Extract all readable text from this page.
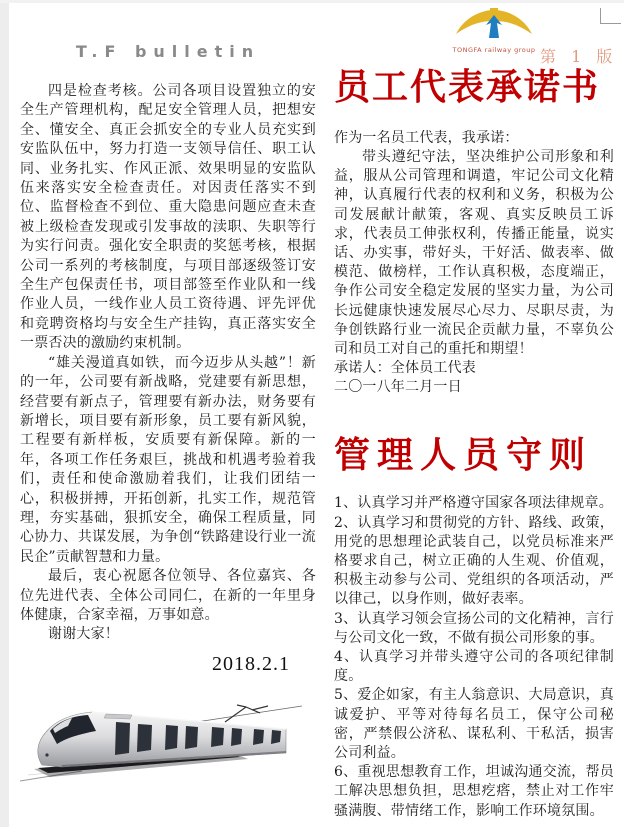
T.F bulletin	TONGFA railway group 第 1 版

四是检查考核。公司各项目设置独立的安全生产管理机构，配足安全管理人员，把想安全、懂安全、真正会抓安全的专业人员充实到安监队伍中，努力打造一支领导信任、职工认同、业务扎实、作风正派、效果明显的安监队伍来落实安全检查责任。对因责任落实不到位、监督检查不到位、重大隐患问题应查未查被上级检查发现或引发事故的渎职、失职等行为实行问责。强化安全职责的奖惩考核，根据公司一系列的考核制度，与项目部逐级签订安全生产包保责任书，项目部签至作业队和一线作业人员，一线作业人员工资待遇、评先评优和竞聘资格均与安全生产挂钩，真正落实安全一票否决的激励约束机制。

“雄关漫道真如铁，而今迈步从头越”！新的一年，公司要有新战略，党建要有新思想，经营要有新点子，管理要有新办法，财务要有新增长，项目要有新形象，员工要有新风貌，工程要有新样板，安质要有新保障。新的一年，各项工作任务艰巨，挑战和机遇考验着我们，责任和使命激励着我们，让我们团结一心，积极拼搏，开拓创新，扎实工作，规范管理，夯实基础，狠抓安全，确保工程质量，同心协力、共谋发展，为争创“铁路建设行业一流民企”贡献智慧和力量。

最后，衷心祝愿各位领导、各位嘉宾、各位先进代表、全体公司同仁，在新的一年里身体健康，合家幸福，万事如意。

谢谢大家！

2018.2.1
员工代表承诺书

作为一名员工代表，我承诺：

带头遵纪守法，坚决维护公司形象和利益，服从公司管理和调遣，牢记公司文化精神，认真履行代表的权利和义务，积极为公司发展献计献策，客观、真实反映员工诉求，代表员工伸张权利，传播正能量，说实话、办实事，带好头，干好活、做表率、做模范、做榜样，工作认真积极，态度端正，争作公司安全稳定发展的坚实力量，为公司长远健康快速发展尽心尽力、尽职尽责，为争创铁路行业一流民企贡献力量，不辜负公司和员工对自己的重托和期望！

承诺人：全体员工代表

二〇一八年二月一日

管理人员守则

1、认真学习并严格遵守国家各项法律规章。

2、认真学习和贯彻党的方针、路线、政策，用党的思想理论武装自己，以党员标准来严格要求自己，树立正确的人生观、价值观，积极主动参与公司、党组织的各项活动，严以律己，以身作则，做好表率。

3、认真学习领会宣扬公司的文化精神，言行与公司文化一致，不做有损公司形象的事。

4、认真学习并带头遵守公司的各项纪律制度。

5、爱企如家，有主人翁意识、大局意识，真诚爱护、平等对待每名员工，保守公司秘密，严禁假公济私、谋私利、干私活，损害公司利益。

6、重视思想教育工作，坦诚沟通交流，帮员工解决思想负担，思想疙瘩，禁止对工作牢骚满腹、带情绪工作，影响工作环境氛围。
